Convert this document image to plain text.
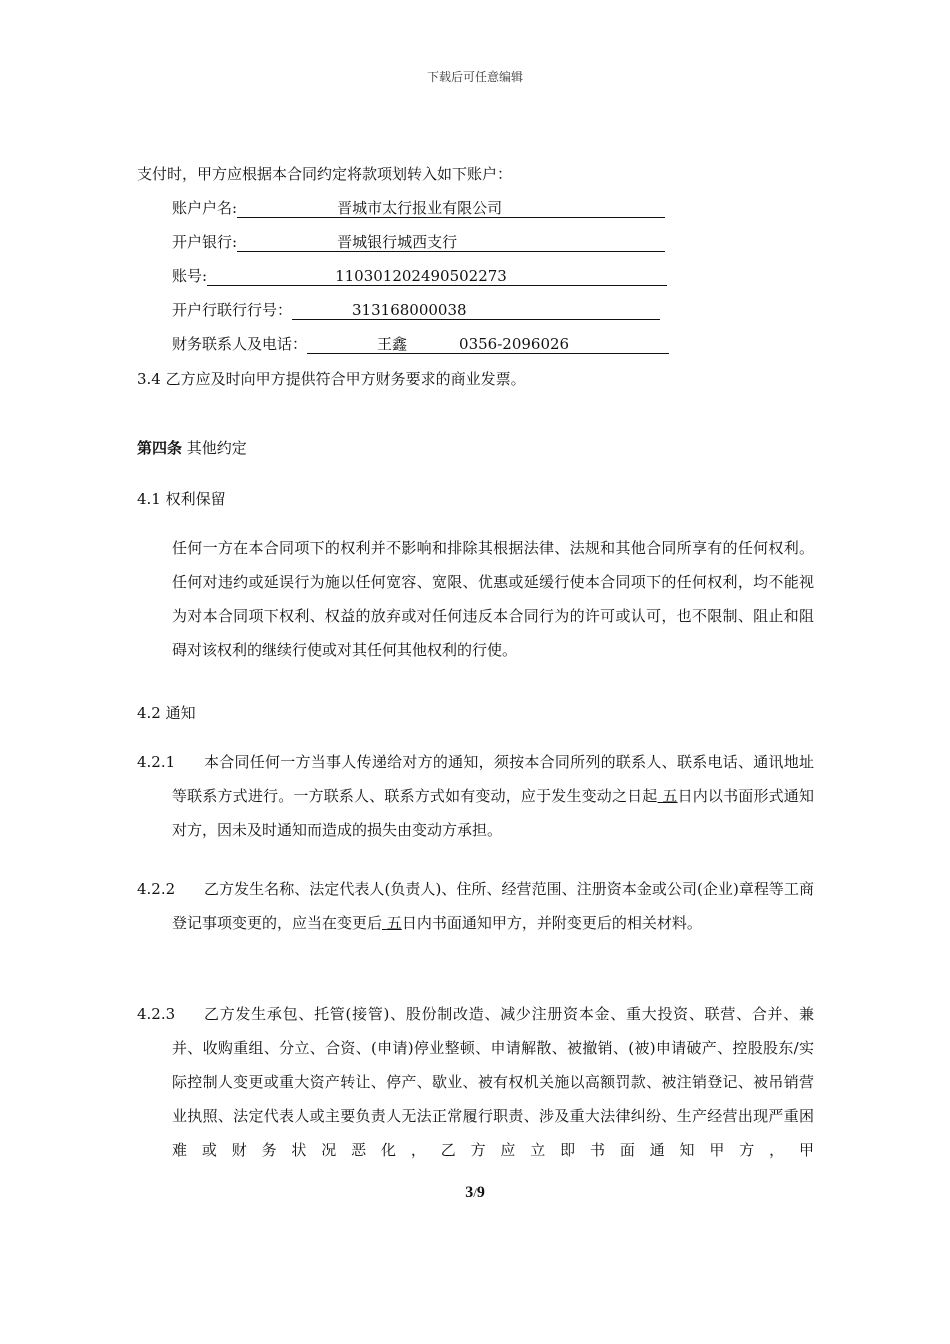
下载后可任意编辑
支付时，甲方应根据本合同约定将款项划转入如下账户：
账户户名:	晋城市太行报业有限公司
开户银行:	晋城银行城西支行
账号:	110301202490502273
开户行联行行号：	313168000038
财务联系人及电话：	王鑫	0356-2096026
3.4 乙方应及时向甲方提供符合甲方财务要求的商业发票。
第四条 其他约定
4.1 权利保留
任何一方在本合同项下的权利并不影响和排除其根据法律、法规和其他合同所享有的任何权利。任何对违约或延误行为施以任何宽容、宽限、优惠或延缓行使本合同项下的任何权利，均不能视为对本合同项下权利、权益的放弃或对任何违反本合同行为的许可或认可，也不限制、阻止和阻碍对该权利的继续行使或对其任何其他权利的行使。
4.2 通知
4.2.1	本合同任何一方当事人传递给对方的通知，须按本合同所列的联系人、联系电话、通讯地址等联系方式进行。一方联系人、联系方式如有变动，应于发生变动之日起 五日内以书面形式通知对方，因未及时通知而造成的损失由变动方承担。
4.2.2	乙方发生名称、法定代表人(负责人)、住所、经营范围、注册资本金或公司(企业)章程等工商登记事项变更的，应当在变更后 五日内书面通知甲方，并附变更后的相关材料。
4.2.3	乙方发生承包、托管(接管)、股份制改造、减少注册资本金、重大投资、联营、合并、兼并、收购重组、分立、合资、(申请)停业整顿、申请解散、被撤销、(被)申请破产、控股股东/实际控制人变更或重大资产转让、停产、歇业、被有权机关施以高额罚款、被注销登记、被吊销营业执照、法定代表人或主要负责人无法正常履行职责、涉及重大法律纠纷、生产经营出现严重困难或财务状况恶化，乙方应立即书面通知甲方，甲
3/9
